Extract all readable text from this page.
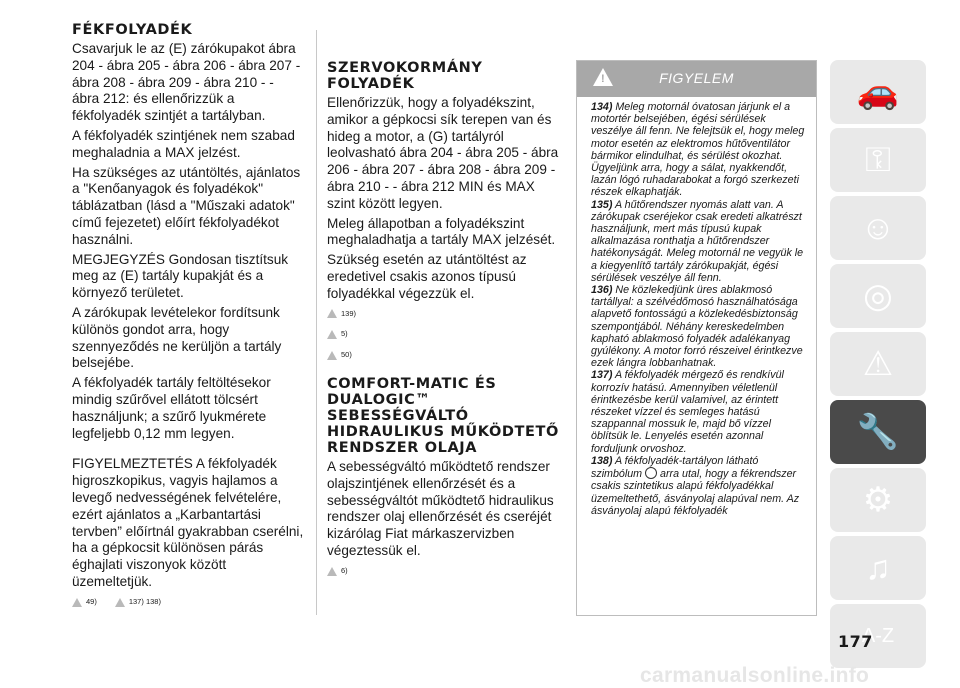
FÉKFOLYADÉK

Csavarjuk le az (E) zárókupakot ábra 204 - ábra 205 - ábra 206 - ábra 207 - ábra 208 - ábra 209 - ábra 210 - - ábra 212: és ellenőrizzük a fékfolyadék szintjét a tartályban.

A fékfolyadék szintjének nem szabad meghaladnia a MAX jelzést.

Ha szükséges az utántöltés, ajánlatos a "Kenőanyagok és folyadékok" táblázatban (lásd a "Műszaki adatok" című fejezetet) előírt fékfolyadékot használni.

MEGJEGYZÉS Gondosan tisztítsuk meg az (E) tartály kupakját és a környező területet.

A zárókupak levételekor fordítsunk különös gondot arra, hogy szennyeződés ne kerüljön a tartály belsejébe.

A fékfolyadék tartály feltöltésekor mindig szűrővel ellátott tölcsért használjunk; a szűrő lyukmérete legfeljebb 0,12 mm legyen.

FIGYELMEZTETÉS A fékfolyadék higroszkopikus, vagyis hajlamos a levegő nedvességének felvételére, ezért ajánlatos a „Karbantartási tervben” előírtnál gyakrabban cserélni, ha a gépkocsit különösen párás éghajlati viszonyok között üzemeltetjük.

49)	137) 138)
SZERVOKORMÁNY FOLYADÉK

Ellenőrizzük, hogy a folyadékszint, amikor a gépkocsi sík terepen van és hideg a motor, a (G) tartályról leolvasható ábra 204 - ábra 205 - ábra 206 - ábra 207 - ábra 208 - ábra 209 - ábra 210 - - ábra 212 MIN és MAX szint között legyen.

Meleg állapotban a folyadékszint meghaladhatja a tartály MAX jelzését.

Szükség esetén az utántöltést az eredetivel csakis azonos típusú folyadékkal végezzük el.

139)
5)
50)
COMFORT-MATIC ÉS DUALOGIC™ SEBESSÉGVÁLTÓ HIDRAULIKUS MŰKÖDTETŐ RENDSZER OLAJA

A sebességváltó működtető rendszer olajszintjének ellenőrzését és a sebességváltót működtető hidraulikus rendszer olaj ellenőrzését és cseréjét kizárólag Fiat márkaszervizben végeztessük el.

6)
!
FIGYELEM

134) Meleg motornál óvatosan járjunk el a motortér belsejében, égési sérülések veszélye áll fenn. Ne felejtsük el, hogy meleg motor esetén az elektromos hűtőventilátor bármikor elindulhat, és sérülést okozhat. Ügyeljünk arra, hogy a sálat, nyakkendőt, lazán lógó ruhadarabokat a forgó szerkezeti részek elkaphatják.

135) A hűtőrendszer nyomás alatt van. A zárókupak cseréjekor csak eredeti alkatrészt használjunk, mert más típusú kupak alkalmazása ronthatja a hűtőrendszer hatékonyságát. Meleg motornál ne vegyük le a kiegyenlítő tartály zárókupakját, égési sérülések veszélye áll fenn.

136) Ne közlekedjünk üres ablakmosó tartállyal: a szélvédőmosó használhatósága alapvető fontosságú a közlekedésbiztonság szempontjából. Néhány kereskedelmben kapható ablakmosó folyadék adalékanyag gyúlékony. A motor forró részeivel érintkezve ezek lángra lobbanhatnak.

137) A fékfolyadék mérgező és rendkívül korrozív hatású. Amennyiben véletlenül érintkezésbe kerül valamivel, az érintett részeket vízzel és semleges hatású szappannal mossuk le, majd bő vízzel öblítsük le. Lenyelés esetén azonnal forduljunk orvoshoz.

138) A fékfolyadék-tartályon látható szimbólum arra utal, hogy a fékrendszer csakis szintetikus alapú fékfolyadékkal üzemeltethető, ásványolaj alapúval nem. Az ásványolaj alapú fékfolyadék

🚗
⚿
☺
◎
⚠
🔧
⚙
♫
A-Z
177
carmanualsonline.info
